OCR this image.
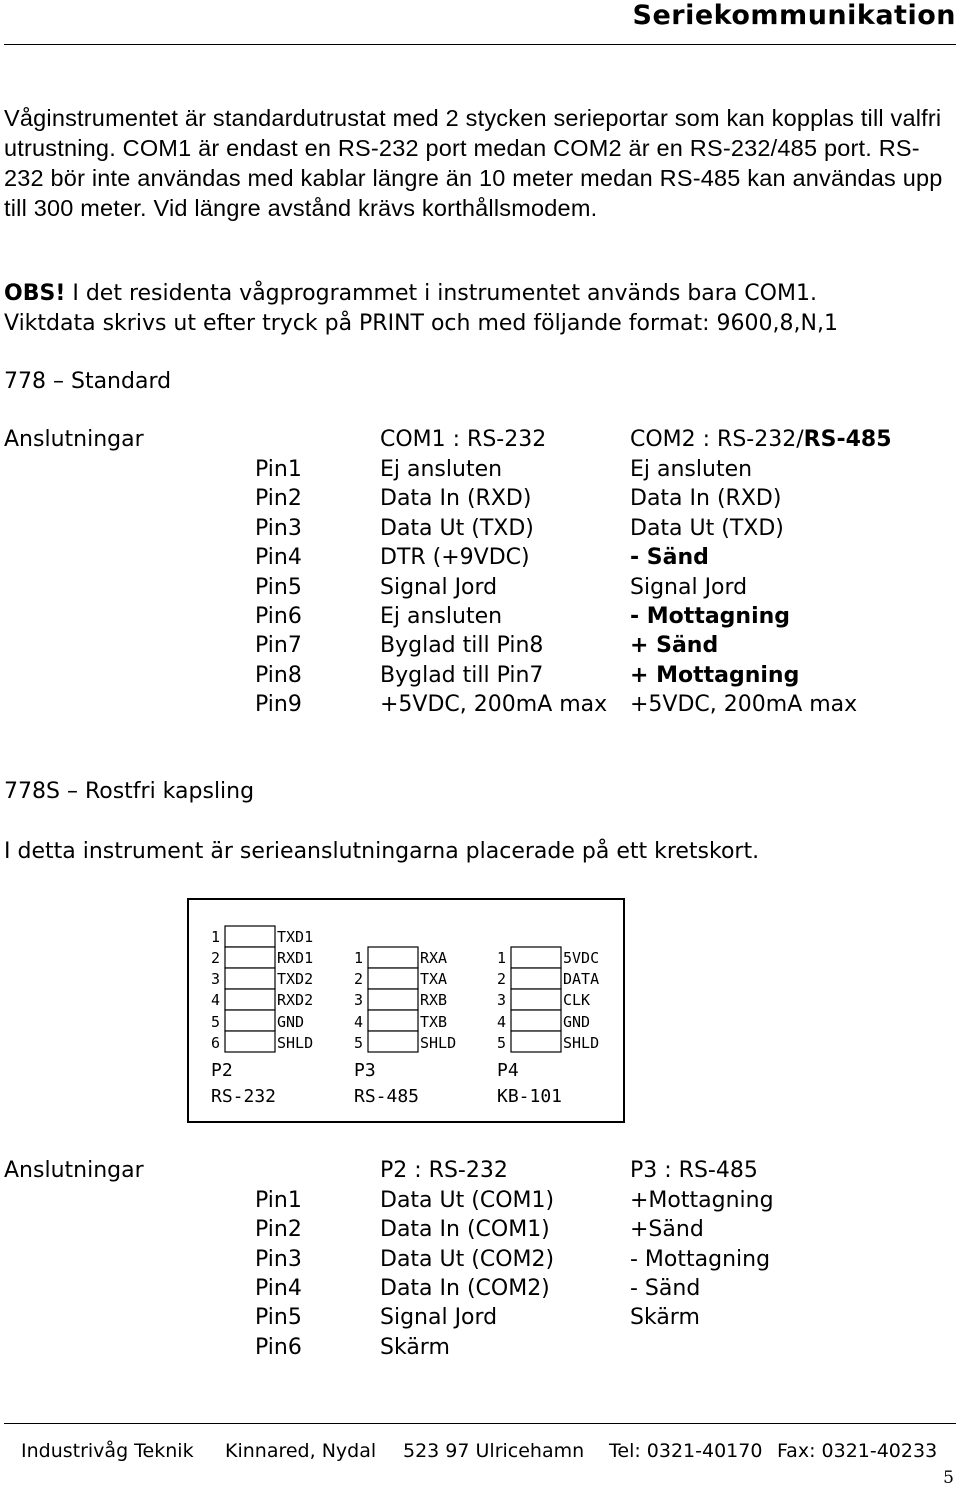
Seriekommunikation
Våginstrumentet är standardutrustat med 2 stycken serieportar som kan kopplas till valfri utrustning. COM1 är endast en RS-232 port medan COM2 är en RS-232/485 port. RS-232 bör inte användas med kablar längre än 10 meter medan RS-485 kan användas upp till 300 meter. Vid längre avstånd krävs korthållsmodem.
OBS! I det residenta vågprogrammet i instrumentet används bara COM1.
Viktdata skrivs ut efter tryck på PRINT och med följande format: 9600,8,N,1
778 – Standard
Anslutningar	COM1 : RS-232	COM2 : RS-232/RS-485
Pin1	Ej ansluten	Ej ansluten
Pin2	Data In (RXD)	Data In (RXD)
Pin3	Data Ut (TXD)	Data Ut (TXD)
Pin4	DTR (+9VDC)	- Sänd
Pin5	Signal Jord	Signal Jord
Pin6	Ej ansluten	- Mottagning
Pin7	Byglad till Pin8	+ Sänd
Pin8	Byglad till Pin7	+ Mottagning
Pin9	+5VDC, 200mA max +5VDC, 200mA max
778S – Rostfri kapsling
I detta instrument är serieanslutningarna placerade på ett kretskort.
1
2
3
4
5
6
TXD1
RXD1
TXD2
RXD2
GND
SHLD
P2
RS-232
1
2
3
4
5
RXA
TXA
RXB
TXB
SHLD
P3
RS-485
1
2
3
4
5
5VDC
DATA
CLK
GND
SHLD
P4
KB-101
Anslutningar	P2 : RS-232	P3 : RS-485
Pin1	Data Ut (COM1)	+Mottagning
Pin2	Data In (COM1)	+Sänd
Pin3	Data Ut (COM2)	- Mottagning
Pin4	Data In (COM2)	- Sänd
Pin5	Signal Jord	Skärm
Pin6	Skärm
Industrivåg Teknik Kinnared, Nydal 523 97 Ulricehamn Tel: 0321-40170 Fax: 0321-40233
5
